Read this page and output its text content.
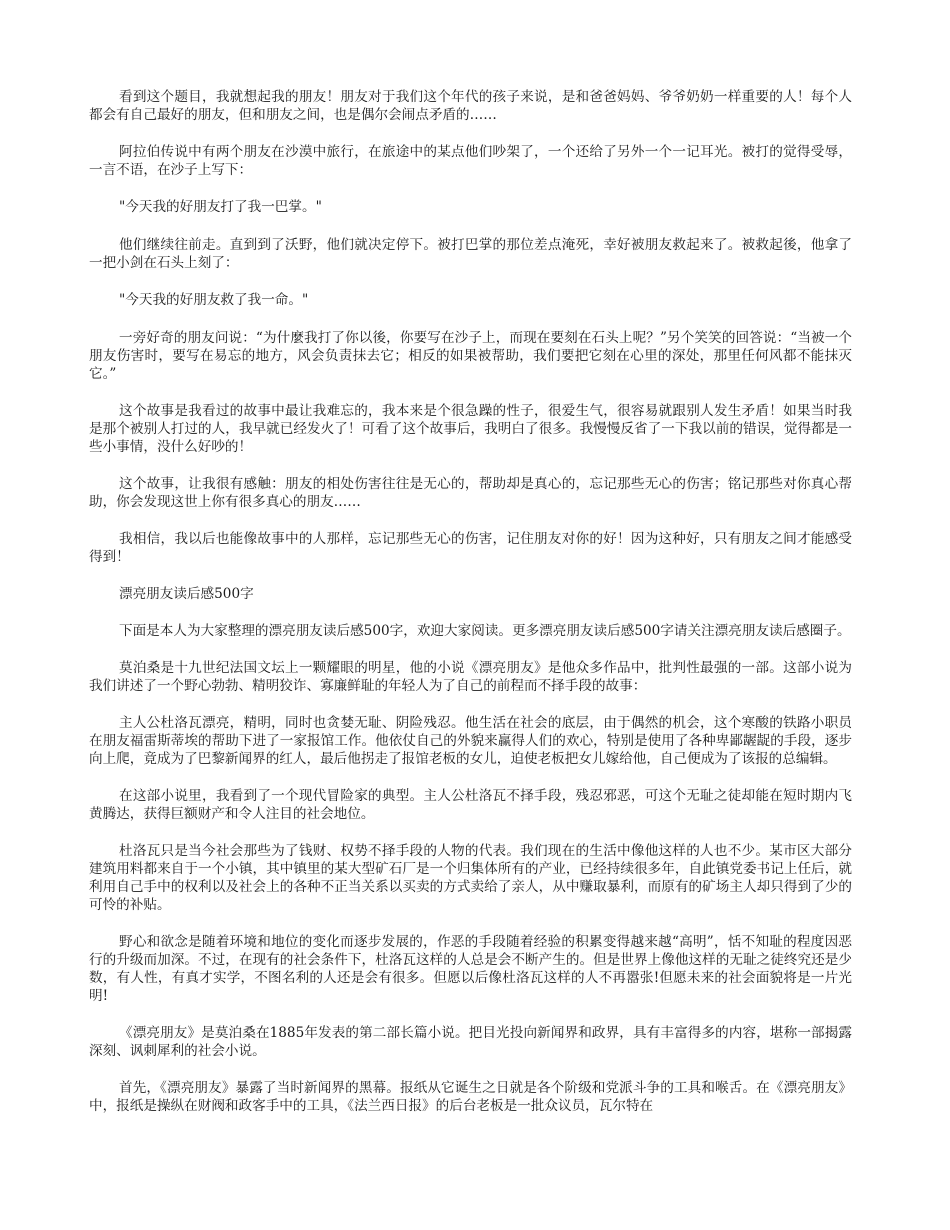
看到这个题目，我就想起我的朋友！朋友对于我们这个年代的孩子来说，是和爸爸妈妈、爷爷奶奶一样重要的人！每个人都会有自己最好的朋友，但和朋友之间，也是偶尔会闹点矛盾的……

阿拉伯传说中有两个朋友在沙漠中旅行，在旅途中的某点他们吵架了，一个还给了另外一个一记耳光。被打的觉得受辱，一言不语，在沙子上写下：

"今天我的好朋友打了我一巴掌。"

他们继续往前走。直到到了沃野，他们就决定停下。被打巴掌的那位差点淹死，幸好被朋友救起来了。被救起後，他拿了一把小剑在石头上刻了：

"今天我的好朋友救了我一命。"

一旁好奇的朋友问说：“为什麼我打了你以後，你要写在沙子上，而现在要刻在石头上呢？”另个笑笑的回答说：“当被一个朋友伤害时，要写在易忘的地方，风会负责抹去它；相反的如果被帮助，我们要把它刻在心里的深处，那里任何风都不能抹灭它。”

这个故事是我看过的故事中最让我难忘的，我本来是个很急躁的性子，很爱生气，很容易就跟别人发生矛盾！如果当时我是那个被别人打过的人，我早就已经发火了！可看了这个故事后，我明白了很多。我慢慢反省了一下我以前的错误，觉得都是一些小事情，没什么好吵的！

这个故事，让我很有感触：朋友的相处伤害往往是无心的，帮助却是真心的，忘记那些无心的伤害；铭记那些对你真心帮助，你会发现这世上你有很多真心的朋友……

我相信，我以后也能像故事中的人那样，忘记那些无心的伤害，记住朋友对你的好！因为这种好，只有朋友之间才能感受得到！

漂亮朋友读后感500字

下面是本人为大家整理的漂亮朋友读后感500字，欢迎大家阅读。更多漂亮朋友读后感500字请关注漂亮朋友读后感圈子。

莫泊桑是十九世纪法国文坛上一颗耀眼的明星，他的小说《漂亮朋友》是他众多作品中，批判性最强的一部。这部小说为我们讲述了一个野心勃勃、精明狡诈、寡廉鲜耻的年轻人为了自己的前程而不择手段的故事：

主人公杜洛瓦漂亮，精明，同时也贪婪无耻、阴险残忍。他生活在社会的底层，由于偶然的机会，这个寒酸的铁路小职员在朋友福雷斯蒂埃的帮助下进了一家报馆工作。他依仗自己的外貌来赢得人们的欢心，特别是使用了各种卑鄙龌龊的手段，逐步向上爬，竟成为了巴黎新闻界的红人，最后他拐走了报馆老板的女儿，迫使老板把女儿嫁给他，自己便成为了该报的总编辑。

在这部小说里，我看到了一个现代冒险家的典型。主人公杜洛瓦不择手段，残忍邪恶，可这个无耻之徒却能在短时期内飞黄腾达，获得巨额财产和令人注目的社会地位。

杜洛瓦只是当今社会那些为了钱财、权势不择手段的人物的代表。我们现在的生活中像他这样的人也不少。某市区大部分建筑用料都来自于一个小镇，其中镇里的某大型矿石厂是一个归集体所有的产业，已经持续很多年，自此镇党委书记上任后，就利用自己手中的权利以及社会上的各种不正当关系以买卖的方式卖给了亲人，从中赚取暴利，而原有的矿场主人却只得到了少的可怜的补贴。

野心和欲念是随着环境和地位的变化而逐步发展的，作恶的手段随着经验的积累变得越来越“高明”，恬不知耻的程度因恶行的升级而加深。不过，在现有的社会条件下，杜洛瓦这样的人总是会不断产生的。但是世界上像他这样的无耻之徒终究还是少数，有人性，有真才实学，不图名利的人还是会有很多。但愿以后像杜洛瓦这样的人不再嚣张!但愿未来的社会面貌将是一片光明!

《漂亮朋友》是莫泊桑在1885年发表的第二部长篇小说。把目光投向新闻界和政界，具有丰富得多的内容，堪称一部揭露深刻、讽刺犀利的社会小说。

首先，《漂亮朋友》暴露了当时新闻界的黑幕。报纸从它诞生之日就是各个阶级和党派斗争的工具和喉舌。在《漂亮朋友》中，报纸是操纵在财阀和政客手中的工具，《法兰西日报》的后台老板是一批众议员，瓦尔特在
